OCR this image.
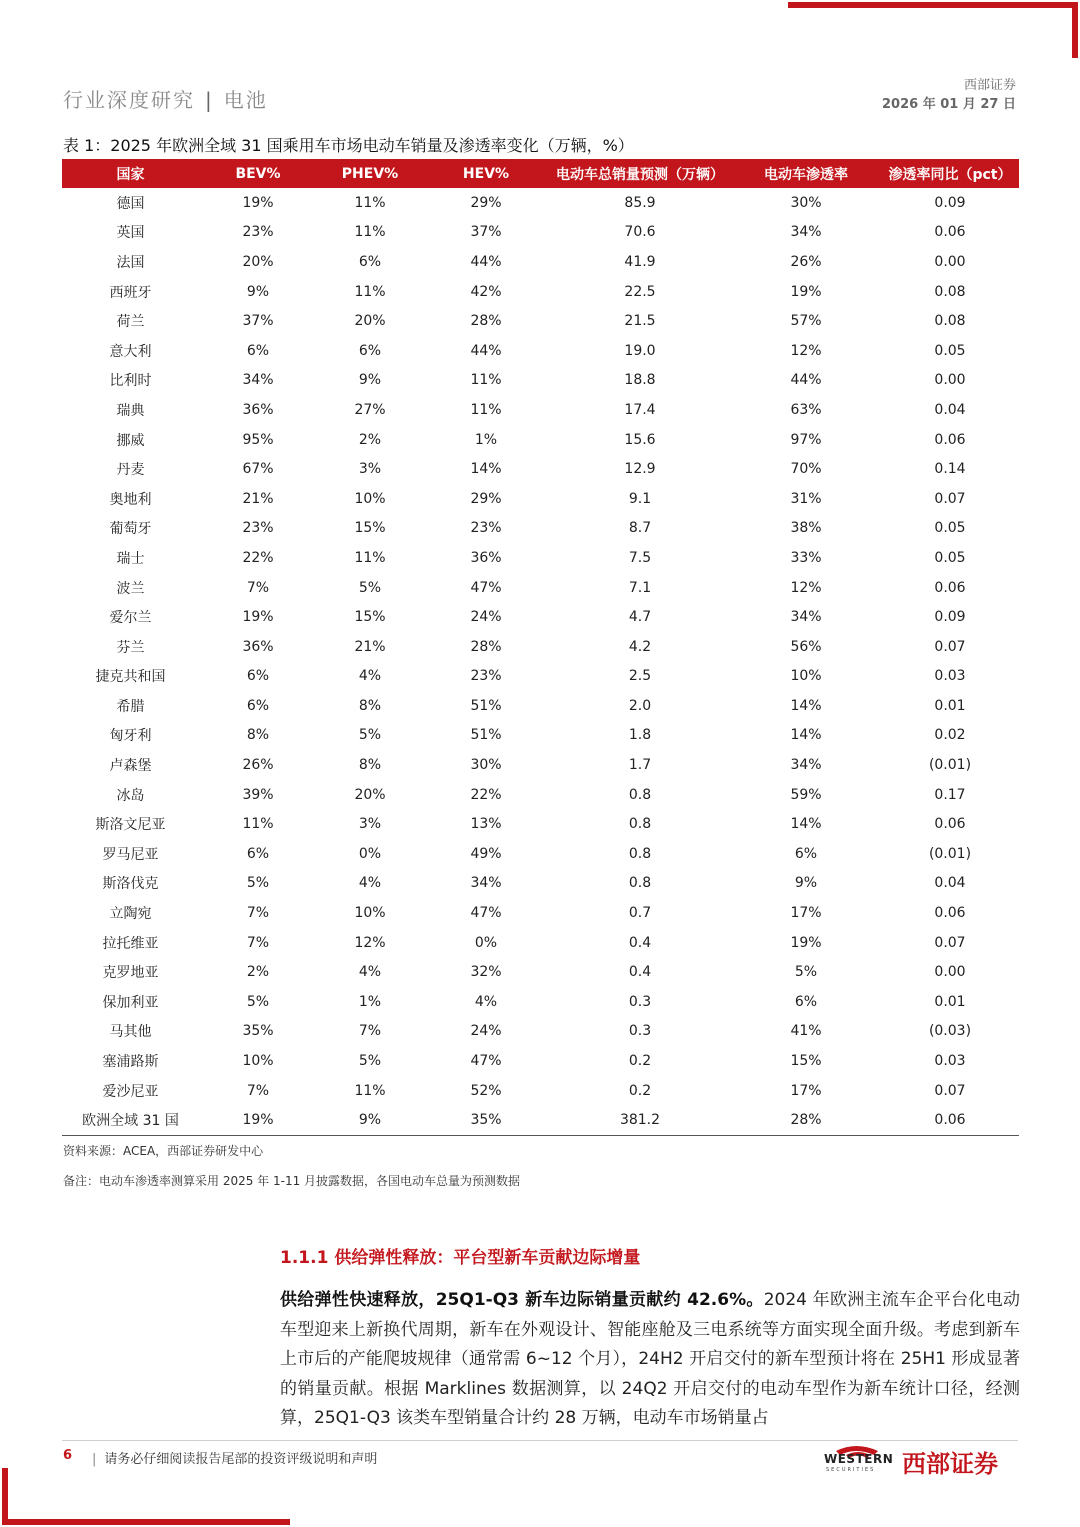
行业深度研究 | 电池
西部证券
2026 年 01 月 27 日
表 1：2025 年欧洲全域 31 国乘用车市场电动车销量及渗透率变化（万辆，%）
国家	BEV%	PHEV%	HEV%	电动车总销量预测（万辆）	电动车渗透率	渗透率同比（pct）
德国	19%	11%	29%	85.9	30%	0.09
英国	23%	11%	37%	70.6	34%	0.06
法国	20%	6%	44%	41.9	26%	0.00
西班牙	9%	11%	42%	22.5	19%	0.08
荷兰	37%	20%	28%	21.5	57%	0.08
意大利	6%	6%	44%	19.0	12%	0.05
比利时	34%	9%	11%	18.8	44%	0.00
瑞典	36%	27%	11%	17.4	63%	0.04
挪威	95%	2%	1%	15.6	97%	0.06
丹麦	67%	3%	14%	12.9	70%	0.14
奥地利	21%	10%	29%	9.1	31%	0.07
葡萄牙	23%	15%	23%	8.7	38%	0.05
瑞士	22%	11%	36%	7.5	33%	0.05
波兰	7%	5%	47%	7.1	12%	0.06
爱尔兰	19%	15%	24%	4.7	34%	0.09
芬兰	36%	21%	28%	4.2	56%	0.07
捷克共和国	6%	4%	23%	2.5	10%	0.03
希腊	6%	8%	51%	2.0	14%	0.01
匈牙利	8%	5%	51%	1.8	14%	0.02
卢森堡	26%	8%	30%	1.7	34%	(0.01)
冰岛	39%	20%	22%	0.8	59%	0.17
斯洛文尼亚	11%	3%	13%	0.8	14%	0.06
罗马尼亚	6%	0%	49%	0.8	6%	(0.01)
斯洛伐克	5%	4%	34%	0.8	9%	0.04
立陶宛	7%	10%	47%	0.7	17%	0.06
拉托维亚	7%	12%	0%	0.4	19%	0.07
克罗地亚	2%	4%	32%	0.4	5%	0.00
保加利亚	5%	1%	4%	0.3	6%	0.01
马其他	35%	7%	24%	0.3	41%	(0.03)
塞浦路斯	10%	5%	47%	0.2	15%	0.03
爱沙尼亚	7%	11%	52%	0.2	17%	0.07
欧洲全域 31 国	19%	9%	35%	381.2	28%	0.06
资料来源：ACEA，西部证券研发中心
备注：电动车渗透率测算采用 2025 年 1-11 月披露数据，各国电动车总量为预测数据
1.1.1 供给弹性释放：平台型新车贡献边际增量
供给弹性快速释放，25Q1-Q3 新车边际销量贡献约 42.6%。2024 年欧洲主流车企平台化电动车型迎来上新换代周期，新车在外观设计、智能座舱及三电系统等方面实现全面升级。考虑到新车上市后的产能爬坡规律（通常需 6~12 个月），24H2 开启交付的新车型预计将在 25H1 形成显著的销量贡献。根据 Marklines 数据测算，以 24Q2 开启交付的电动车型作为新车统计口径，经测算，25Q1-Q3 该类车型销量合计约 28 万辆，电动车市场销量占
6 | 请务必仔细阅读报告尾部的投资评级说明和声明	WESTERN
SECURITIES 西部证券
